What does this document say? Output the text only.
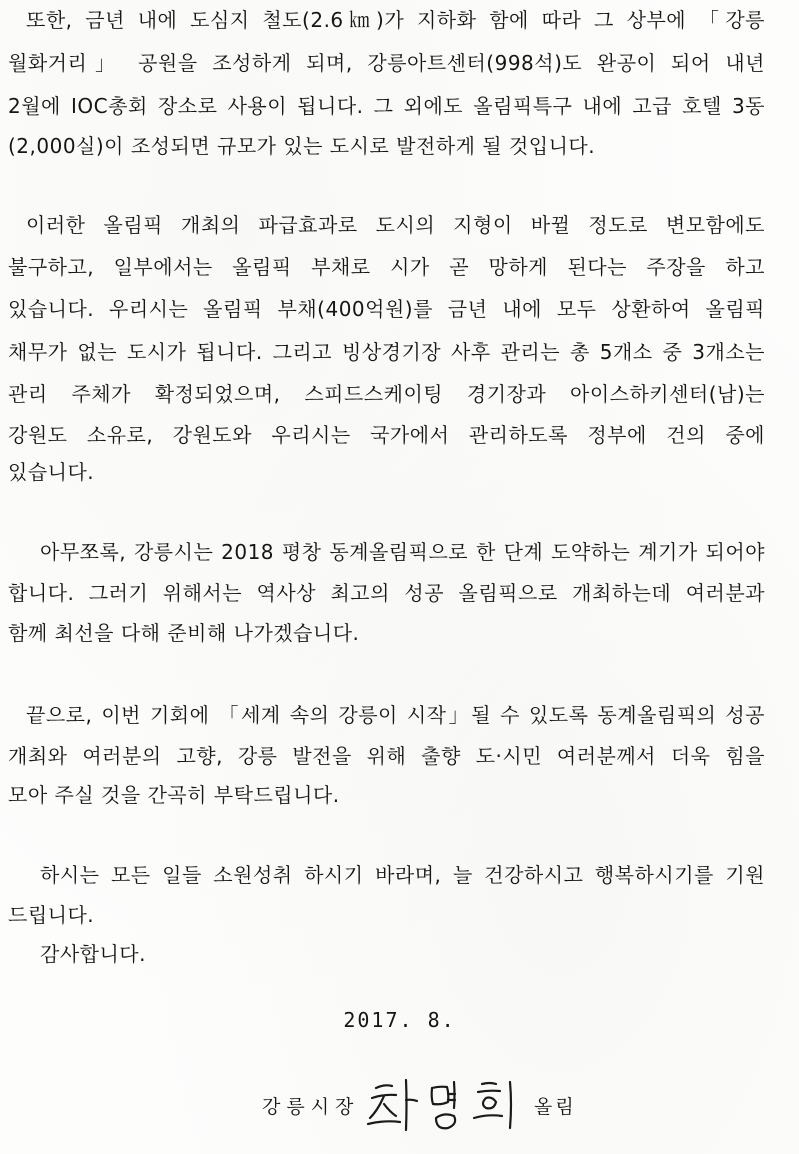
또한, 금년 내에 도심지 철도(2.6㎞)가 지하화 함에 따라 그 상부에 「강릉
월화거리」 공원을 조성하게 되며, 강릉아트센터(998석)도 완공이 되어 내년
2월에 IOC총회 장소로 사용이 됩니다. 그 외에도 올림픽특구 내에 고급 호텔 3동
(2,000실)이 조성되면 규모가 있는 도시로 발전하게 될 것입니다.
이러한 올림픽 개최의 파급효과로 도시의 지형이 바뀔 정도로 변모함에도
불구하고, 일부에서는 올림픽 부채로 시가 곧 망하게 된다는 주장을 하고
있습니다. 우리시는 올림픽 부채(400억원)를 금년 내에 모두 상환하여 올림픽
채무가 없는 도시가 됩니다. 그리고 빙상경기장 사후 관리는 총 5개소 중 3개소는
관리 주체가 확정되었으며, 스피드스케이팅 경기장과 아이스하키센터(남)는
강원도 소유로, 강원도와 우리시는 국가에서 관리하도록 정부에 건의 중에
있습니다.
아무쪼록, 강릉시는 2018 평창 동계올림픽으로 한 단계 도약하는 계기가 되어야
합니다. 그러기 위해서는 역사상 최고의 성공 올림픽으로 개최하는데 여러분과
함께 최선을 다해 준비해 나가겠습니다.
끝으로, 이번 기회에 「세계 속의 강릉이 시작」될 수 있도록 동계올림픽의 성공
개최와 여러분의 고향, 강릉 발전을 위해 출향 도·시민 여러분께서 더욱 힘을
모아 주실 것을 간곡히 부탁드립니다.
하시는 모든 일들 소원성취 하시기 바라며, 늘 건강하시고 행복하시기를 기원
드립니다.
감사합니다.
2017. 8.
강릉시장	올림
